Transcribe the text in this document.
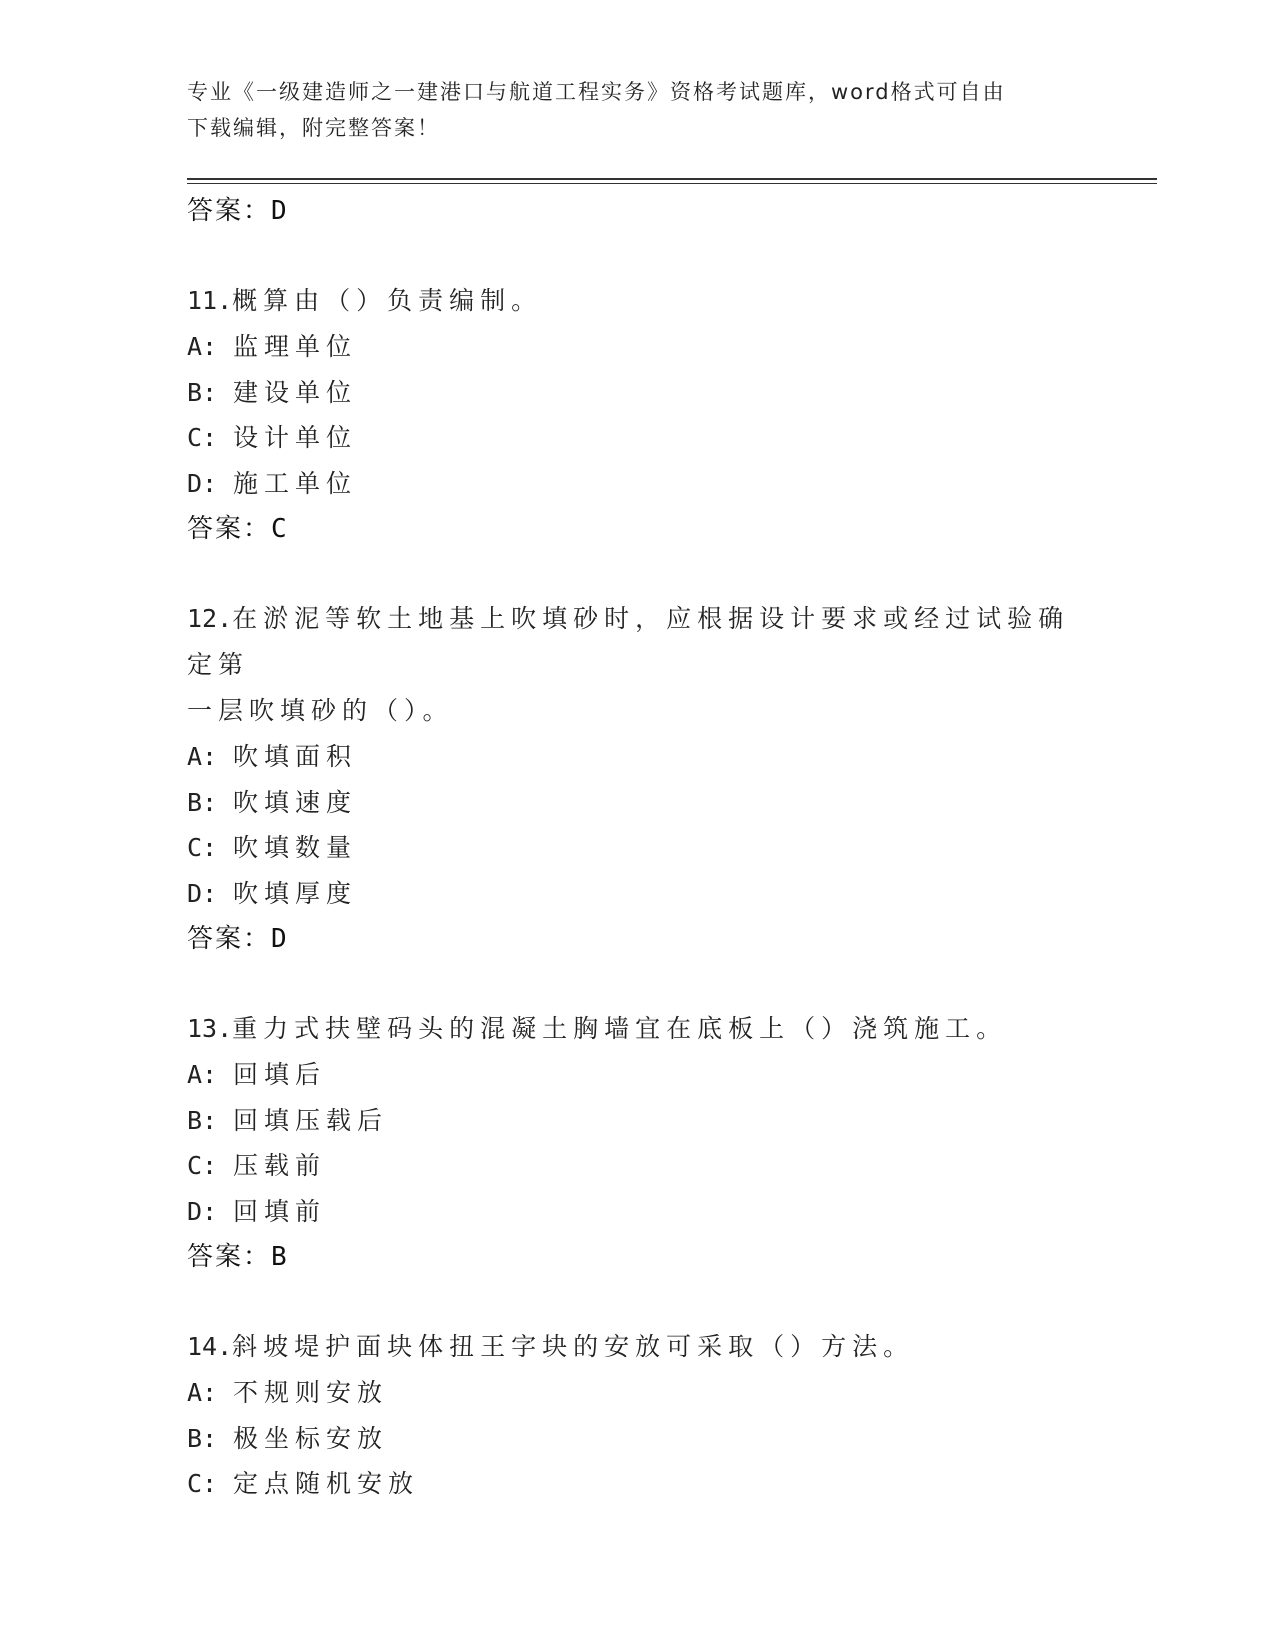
专业《一级建造师之一建港口与航道工程实务》资格考试题库，word格式可自由
下载编辑，附完整答案！
答案：D
11.概算由（）负责编制。
A: 监理单位
B: 建设单位
C: 设计单位
D: 施工单位
答案：C
12.在淤泥等软土地基上吹填砂时，应根据设计要求或经过试验确定第
一层吹填砂的（）。
A: 吹填面积
B: 吹填速度
C: 吹填数量
D: 吹填厚度
答案：D
13.重力式扶壁码头的混凝土胸墙宜在底板上（）浇筑施工。
A: 回填后
B: 回填压载后
C: 压载前
D: 回填前
答案：B
14.斜坡堤护面块体扭王字块的安放可采取（）方法。
A: 不规则安放
B: 极坐标安放
C: 定点随机安放
